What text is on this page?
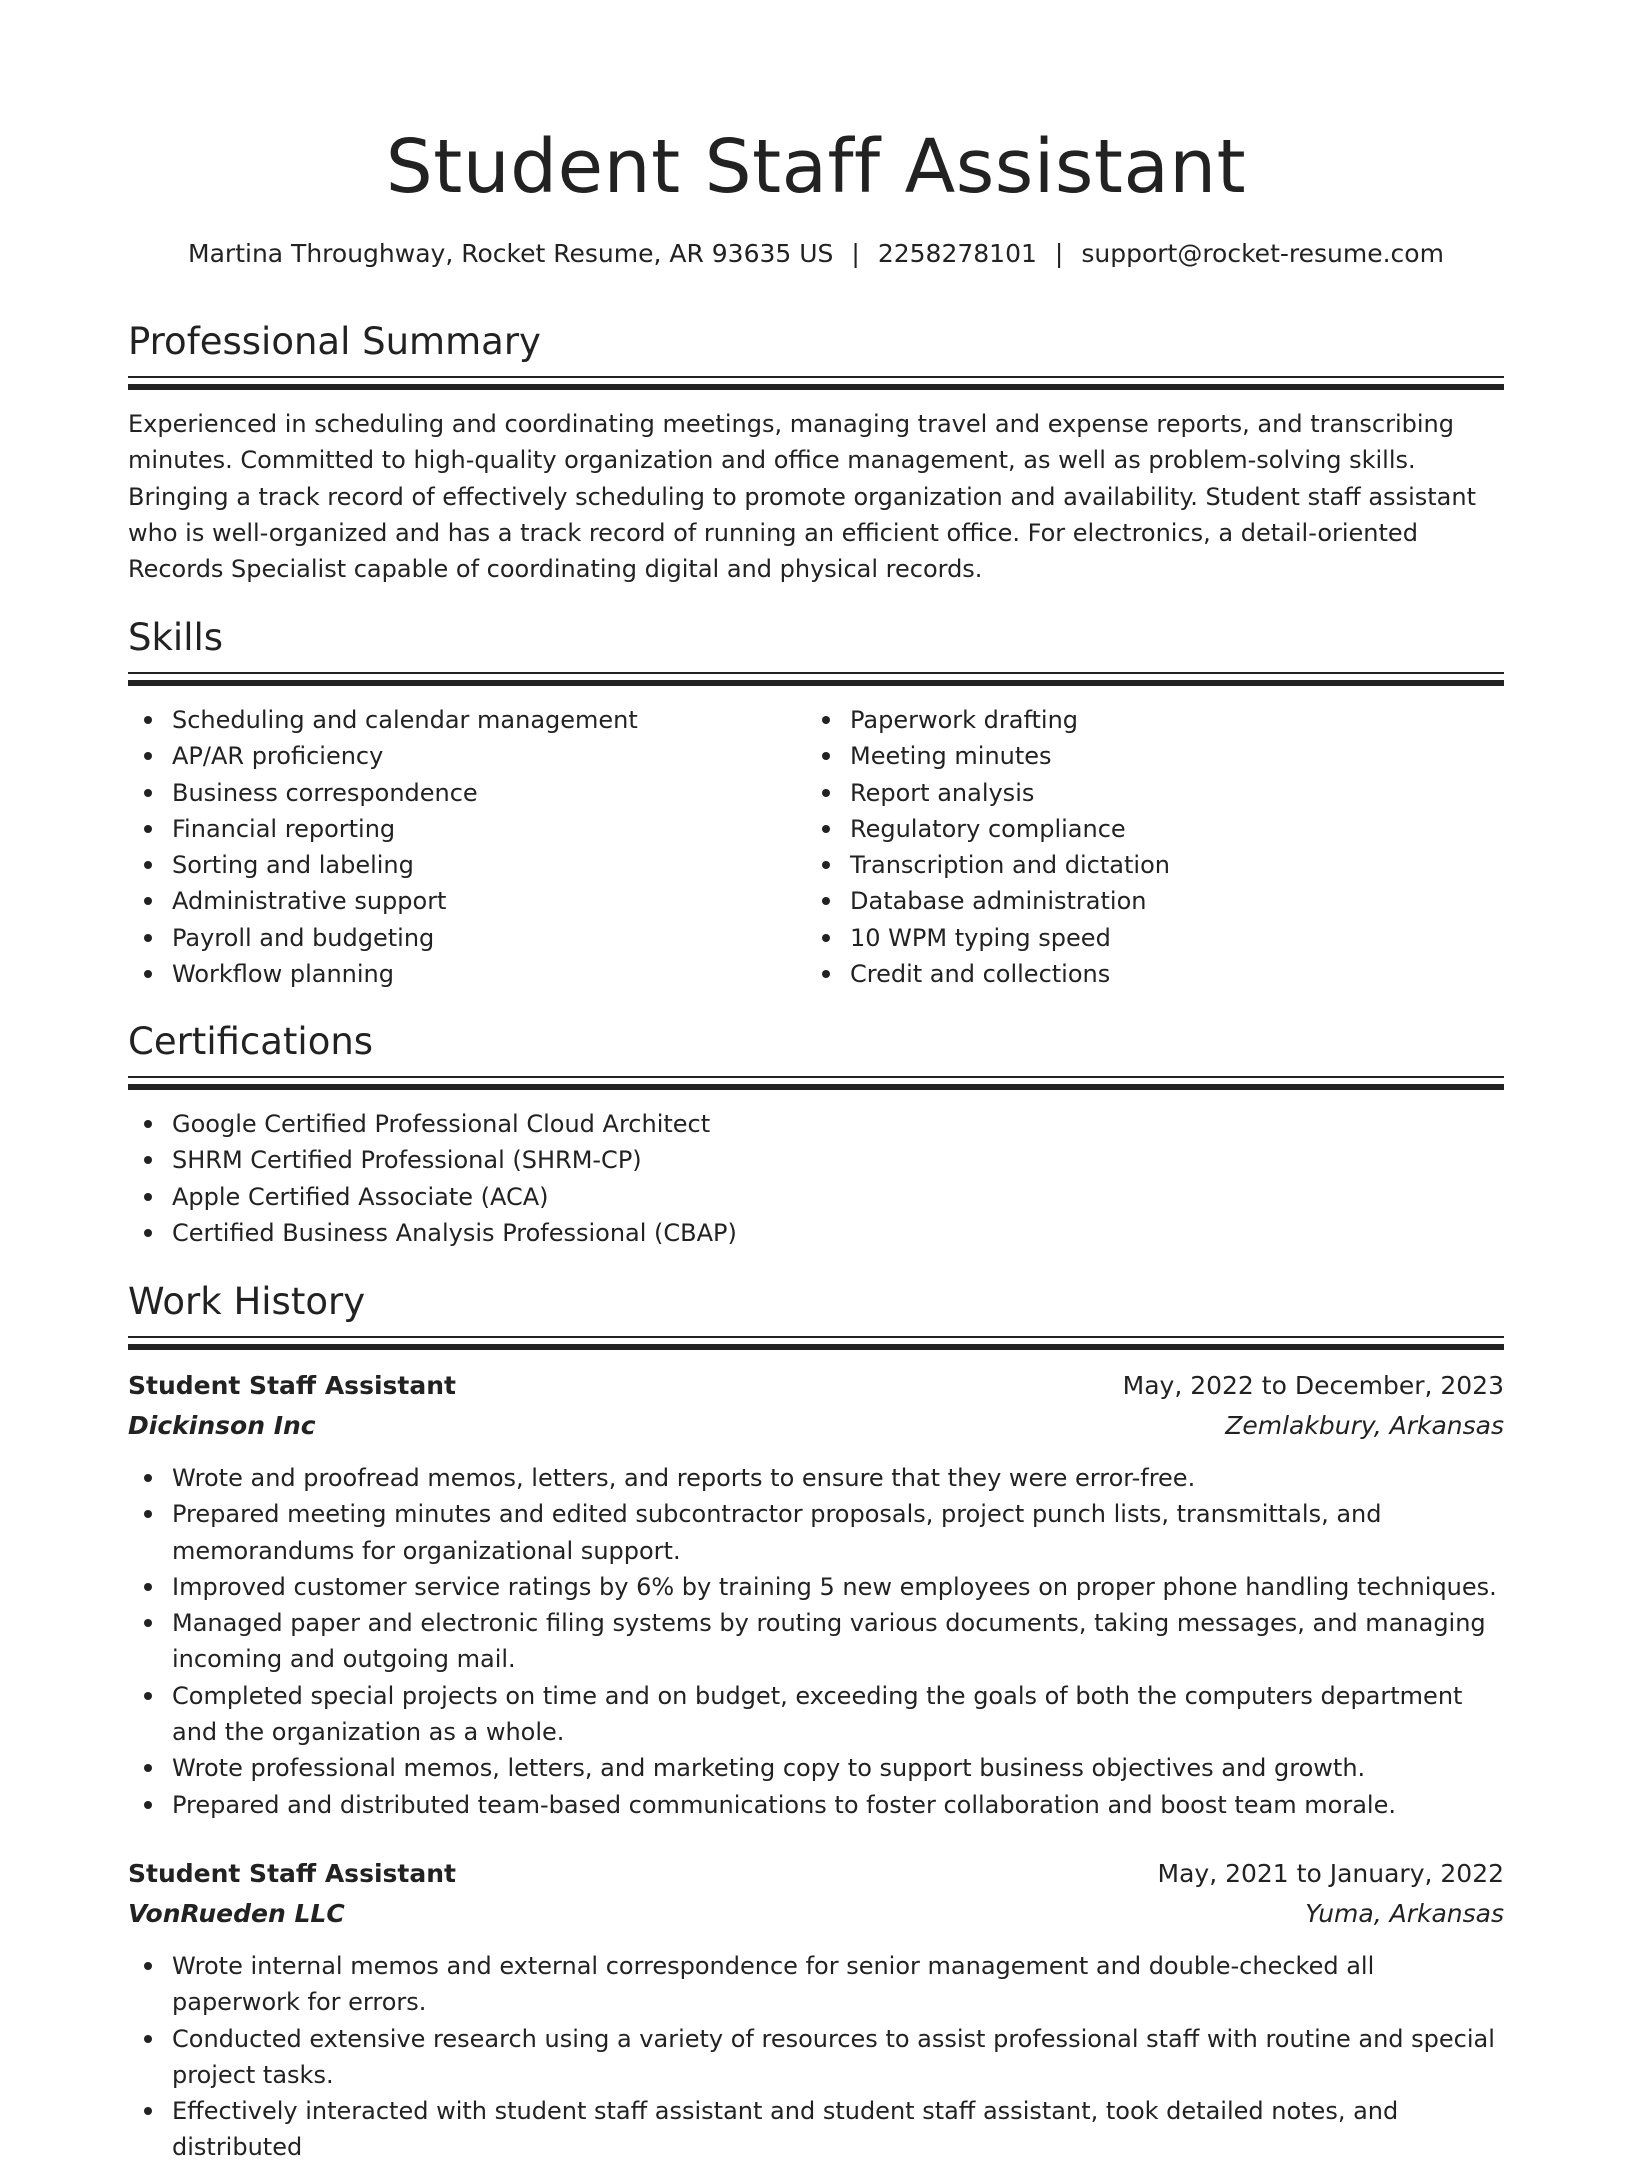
Student Staff Assistant
Martina Throughway, Rocket Resume, AR 93635 US | 2258278101 | support@rocket-resume.com
Professional Summary

Experienced in scheduling and coordinating meetings, managing travel and expense reports, and transcribing minutes. Committed to high-quality organization and office management, as well as problem-solving skills. Bringing a track record of effectively scheduling to promote organization and availability. Student staff assistant who is well-organized and has a track record of running an efficient office. For electronics, a detail-oriented Records Specialist capable of coordinating digital and physical records.

Skills
Scheduling and calendar management
AP/AR proficiency
Business correspondence
Financial reporting
Sorting and labeling
Administrative support
Payroll and budgeting
Workflow planning
Paperwork drafting
Meeting minutes
Report analysis
Regulatory compliance
Transcription and dictation
Database administration
10 WPM typing speed
Credit and collections
Certifications
Google Certified Professional Cloud Architect
SHRM Certified Professional (SHRM-CP)
Apple Certified Associate (ACA)
Certified Business Analysis Professional (CBAP)
Work History
Student Staff Assistant	May, 2022 to December, 2023
Dickinson Inc	Zemlakbury, Arkansas
Wrote and proofread memos, letters, and reports to ensure that they were error-free.
Prepared meeting minutes and edited subcontractor proposals, project punch lists, transmittals, and memorandums for organizational support.
Improved customer service ratings by 6% by training 5 new employees on proper phone handling techniques.
Managed paper and electronic filing systems by routing various documents, taking messages, and managing incoming and outgoing mail.
Completed special projects on time and on budget, exceeding the goals of both the computers department and the organization as a whole.
Wrote professional memos, letters, and marketing copy to support business objectives and growth.
Prepared and distributed team-based communications to foster collaboration and boost team morale.
Student Staff Assistant	May, 2021 to January, 2022
VonRueden LLC	Yuma, Arkansas
Wrote internal memos and external correspondence for senior management and double-checked all paperwork for errors.
Conducted extensive research using a variety of resources to assist professional staff with routine and special project tasks.
Effectively interacted with student staff assistant and student staff assistant, took detailed notes, and distributed
